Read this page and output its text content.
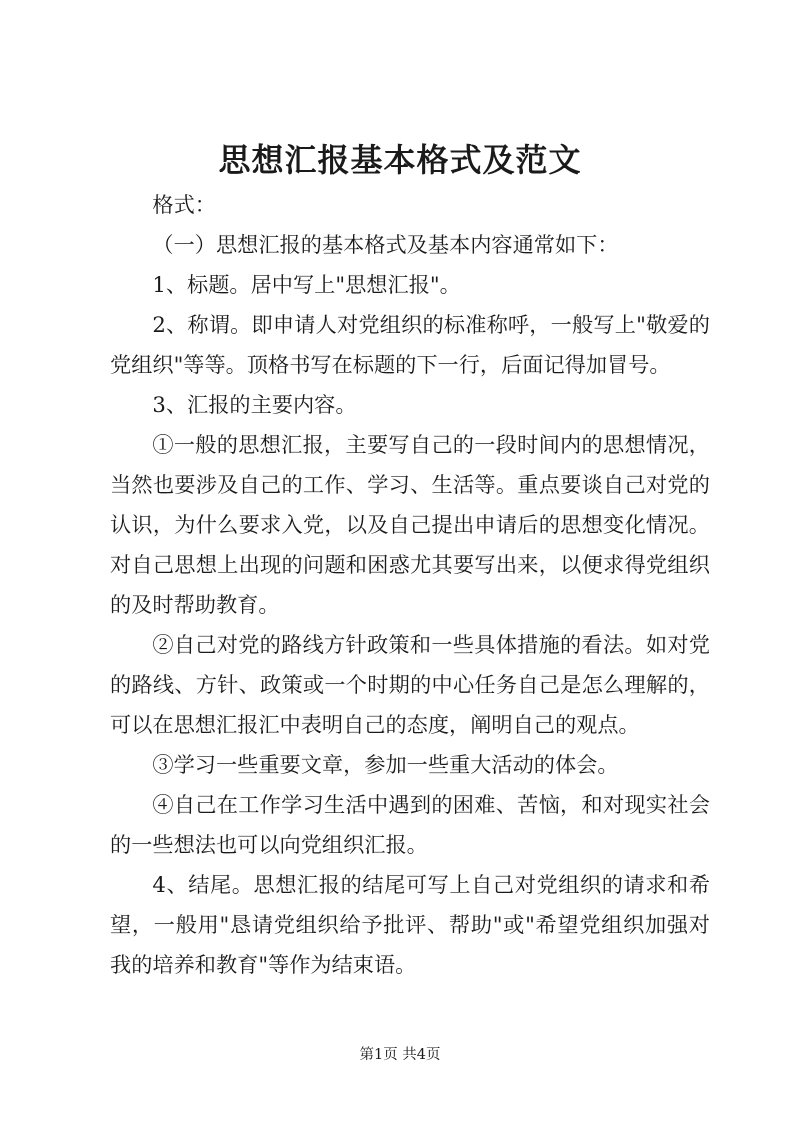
思想汇报基本格式及范文

格式：

（一）思想汇报的基本格式及基本内容通常如下：

1、标题。居中写上"思想汇报"。

2、称谓。即申请人对党组织的标准称呼，一般写上"敬爱的党组织"等等。顶格书写在标题的下一行，后面记得加冒号。

3、汇报的主要内容。

①一般的思想汇报，主要写自己的一段时间内的思想情况，当然也要涉及自己的工作、学习、生活等。重点要谈自己对党的认识，为什么要求入党，以及自己提出申请后的思想变化情况。对自己思想上出现的问题和困惑尤其要写出来，以便求得党组织的及时帮助教育。

②自己对党的路线方针政策和一些具体措施的看法。如对党的路线、方针、政策或一个时期的中心任务自己是怎么理解的，可以在思想汇报汇中表明自己的态度，阐明自己的观点。

③学习一些重要文章，参加一些重大活动的体会。

④自己在工作学习生活中遇到的困难、苦恼，和对现实社会的一些想法也可以向党组织汇报。

4、结尾。思想汇报的结尾可写上自己对党组织的请求和希望，一般用"恳请党组织给予批评、帮助"或"希望党组织加强对我的培养和教育"等作为结束语。

第1页 共4页
